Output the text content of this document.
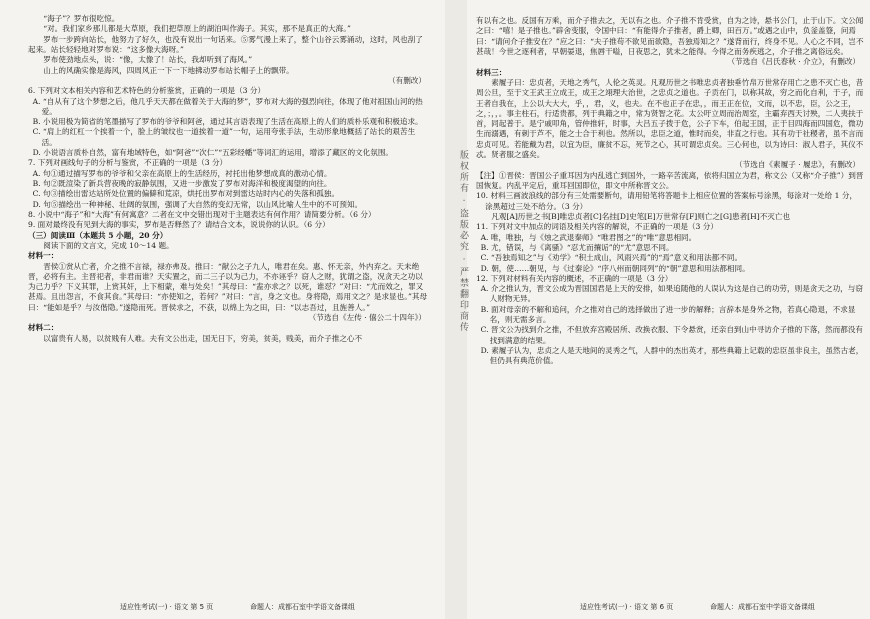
“海子”？罗布很吃惊。
“对。我们家乡那儿都是大草原，我们把草原上的湖泊叫作海子。其实，那不是真正的大海。”
罗布一步跨向站长，他努力了好久，也没有说出一句话来。⑤雾气漫上来了，整个山谷云雾涌动，这时，风也刮了起来。站长轻轻地对罗布说：“这多像大海呀。”
罗布使劲地点头，说：“像，太像了！站长，我却听到了海风。”
山上的风确实像是海风，四周风正一下一下地拂动罗布站长帽子上的飘带。
（有删改）
6. 下列对文本相关内容和艺术特色的分析鉴赏，正确的一项是（3 分）
A. “自从有了这个梦想之后，他几乎天天都在做着关于大海的梦”，罗布对大海的强烈向往，体现了他对祖国山河的热爱。
B. 小说用极为简省的笔墨描写了罗布的爷爷和阿爸，通过其言语表现了生活在高原上的人们的质朴乐观和积极追求。
C. “肩上的红杠一个挨着一个，脸上的皱纹也一道挨着一道”一句，运用夸张手法，生动形象地概括了站长的艰苦生活。
D. 小说语言质朴自然，富有地域特色，如“阿爸”“次仁”“五彩经幡”等词汇的运用，增添了藏区的文化氛围。
7. 下列对画线句子的分析与鉴赏，不正确的一项是（3 分）
A. 句①通过描写罗布的爷爷和父亲在高原上的生活经历，衬托出他梦想成真的激动心情。
B. 句②既渲染了新兵营夜晚的寂静氛围，又进一步激发了罗布对海洋和极度渴望的向往。
C. 句③描绘出雷达站所处位置的偏僻和荒凉，烘托出罗布对到雷达站时内心的失落和孤独。
D. 句⑤描绘出一种神秘、壮阔的氛围，强调了大自然的变幻无常，以山风比喻人生中的不可预知。
8. 小说中“海子”和“大海”有何寓意？二者在文中交错出现对于主题表达有何作用？请简要分析。（6 分）
9. 面对最终没有见到大海的事实，罗布是否释然了？请结合文本，说说你的认识。（6 分）
（三）阅读Ⅲ（本题共 5 小题，20 分）
阅读下面的文言文，完成 10～14 题。
材料一：
晋侯①赏从亡者，介之推不言禄，禄亦弗及。推曰：“献公之子九人，唯君在矣。惠、怀无亲，外内弃之。天未绝晋，必将有主。主晋祀者，非君而谁？天实置之，而二三子以为己力，不亦诬乎？窃人之财，犹谓之盗，况贪天之功以为己力乎？下义其罪，上赏其奸，上下相蒙，难与处矣！”其母曰：“盍亦求之？以死，谁怼？”对曰：“尤而效之，罪又甚焉。且出怨言，不食其食。”其母曰：“亦使知之，若何？”对曰：“言，身之文也。身将隐，焉用文之？是求显也。”其母曰：“能如是乎？与汝偕隐。”遂隐而死。晋侯求之，不获，以绵上为之田，曰：“以志吾过，且旌善人。”
（节选自《左传 · 僖公二十四年》）
材料二：
以富贵有人易，以贫贱有人难。夫有文公出走，国无日下，穷美，贫美，贱美，而介子推之心不
有以有之也。反国有万乘，而介子推去之，无以有之也。介子推不肯受赏，自为之诗，悬书公门，止于山下。文公闻之曰：“嘻！是子推也。”辟舍变服，令国中曰：“有能得介子推者，爵上卿，田百万。”或遇之山中，负釜盖簦，问焉曰：“请问介子推安在？”应之曰：“夫子推苟不欲见而欲隐，吾独焉知之？”遂背而行，终身不见。人心之不同，岂不甚哉！今世之逐利者，早朝晏退，焦唇干嗌，日夜思之，犹未之能得。今得之而务疾逃之，介子推之离俗远矣。
（节选自《吕氏春秋 · 介立》，有删改）
材料三：
素履子曰：忠贞者，天地之秀气，人伦之英灵。凡观历世之书唯忠贞者独垂竹帛万世常存用亡之患不灭亡也，昔周公旦，至于文王武王立成王，成王之翊理大治世，之忠贞之道也。子贡在门，以称其故，穷之而化自利，于子，而王者自我在，上公以大大大，乎，，君，义，也夫。在不也正子在忠，，而王正在位，文而，以不忠，臣，公之王，之，；，，。事主柱石，行适贵都，列于典籍之中，常为贤智之花。太公吁立周而治周室，主霸弃西天讨殃，二人夷扶于首，同起普于。是宁戚叩角，管仲推轩，时事，大吕五子拨于危，公子下车，伯起王国，正于目四海而四国危，微功生而溺遇，有刺于芦不，能之士合于利也。然所以，忠臣之道，惟时而矣，非直之行也。其有功于社稷者，虽不言而忠贞可见。若能戴为君，以宜为臣，廉贫不忘，死节之心，其可谓忠贞矣。三心何也，以为诗曰：淑人君子，其仪不忒。贤者服之盛矣。
（节选自《素履子 · 履忠》，有删改）
【注】①晋侯：晋国公子重耳因为内乱逃亡到国外，一路辛苦流离，依将归国立为君，称文公（又称“介子推”）到晋国恢复。内乱平定后，重耳回国即位，即文中所称晋文公。
10. 材料三画波浪线的部分有三处需要断句，请用铅笔将答题卡上相应位置的答案标号涂黑，每涂对一处给 1 分，涂黑超过三处不给分。（3 分）
凡观[A]历世之书[B]唯忠贞者[C]名挂[D]史笔[E]万世常存[F]则亡之[G]患者[H]不灭亡也
11. 下列对文中加点的词语及相关内容的解说，不正确的一项是（3 分）
A. 唯，唯独，与《烛之武退秦师》“唯君图之”的“唯”意思相同。
B. 尤，错误，与《离骚》“忍尤而攘诟”的“尤”意思不同。
C. “吾独焉知之”与《劝学》“积土成山，风雨兴焉”的“焉”意义和用法都不同。
D. 朝，使……朝见，与《过秦论》“序八州而朝同列”的“朝”意思和用法都相同。
12. 下列对材料有关内容的概述，不正确的一项是（3 分）
A. 介之推认为，晋文公成为晋国国君是上天的安排，如果追随他的人误认为这是自己的功劳，则是贪天之功，与窃人财物无异。
B. 面对母亲的不解和追问，介之推对自己的选择做出了进一步的解释；言辞本是身外之物，若真心隐退，不求显名，则无需多言。
C. 晋文公为找到介之推，不但放弃宫殿居所、改换衣服、下令悬赏，还亲自到山中寻访介子推的下落，然而都没有找到满意的结果。
D. 素履子认为，忠贞之人是天地间的灵秀之气，人群中的杰出英才，那些典籍上记载的忠臣虽非良主，虽然古老，但仍具有典范价值。
版权所有 · 盗版必究 · 严禁翻印商传
适应性考试(一) · 语文 第 5 页	命题人：成都石室中学语文备课组	适应性考试(一) · 语文 第 6 页	命题人：成都石室中学语文备课组
